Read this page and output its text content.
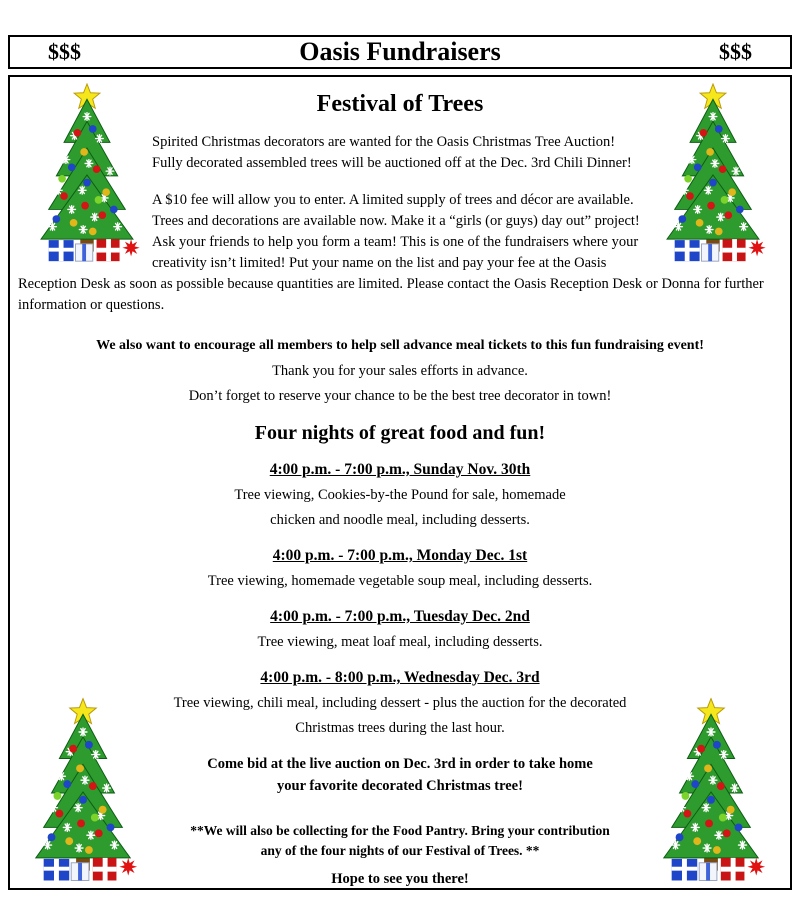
$$$	Oasis Fundraisers	$$$
Festival of Trees

Spirited Christmas decorators are wanted for the Oasis Christmas Tree Auction! Fully decorated assembled trees will be auctioned off at the Dec. 3rd Chili Dinner!

A $10 fee will allow you to enter. A limited supply of trees and décor are available. Trees and decorations are available now. Make it a “girls (or guys) day out” project! Ask your friends to help you form a team! This is one of the fundraisers where your creativity isn’t limited! Put your name on the list and pay your fee at the Oasis Reception Desk as soon as possible because quantities are limited. Please contact the Oasis Reception Desk or Donna for further information or questions.

We also want to encourage all members to help sell advance meal tickets to this fun fundraising event!

Thank you for your sales efforts in advance.

Don’t forget to reserve your chance to be the best tree decorator in town!

Four nights of great food and fun!
4:00 p.m. - 7:00 p.m., Sunday Nov. 30th
Tree viewing, Cookies-by-the Pound for sale, homemade
chicken and noodle meal, including desserts.
4:00 p.m. - 7:00 p.m., Monday Dec. 1st
Tree viewing, homemade vegetable soup meal, including desserts.
4:00 p.m. - 7:00 p.m., Tuesday Dec. 2nd
Tree viewing, meat loaf meal, including desserts.
4:00 p.m. - 8:00 p.m., Wednesday Dec. 3rd
Tree viewing, chili meal, including dessert - plus the auction for the decorated
Christmas trees during the last hour.
Come bid at the live auction on Dec. 3rd in order to take home
your favorite decorated Christmas tree!
**We will also be collecting for the Food Pantry. Bring your contribution
any of the four nights of our Festival of Trees. **

Hope to see you there!
